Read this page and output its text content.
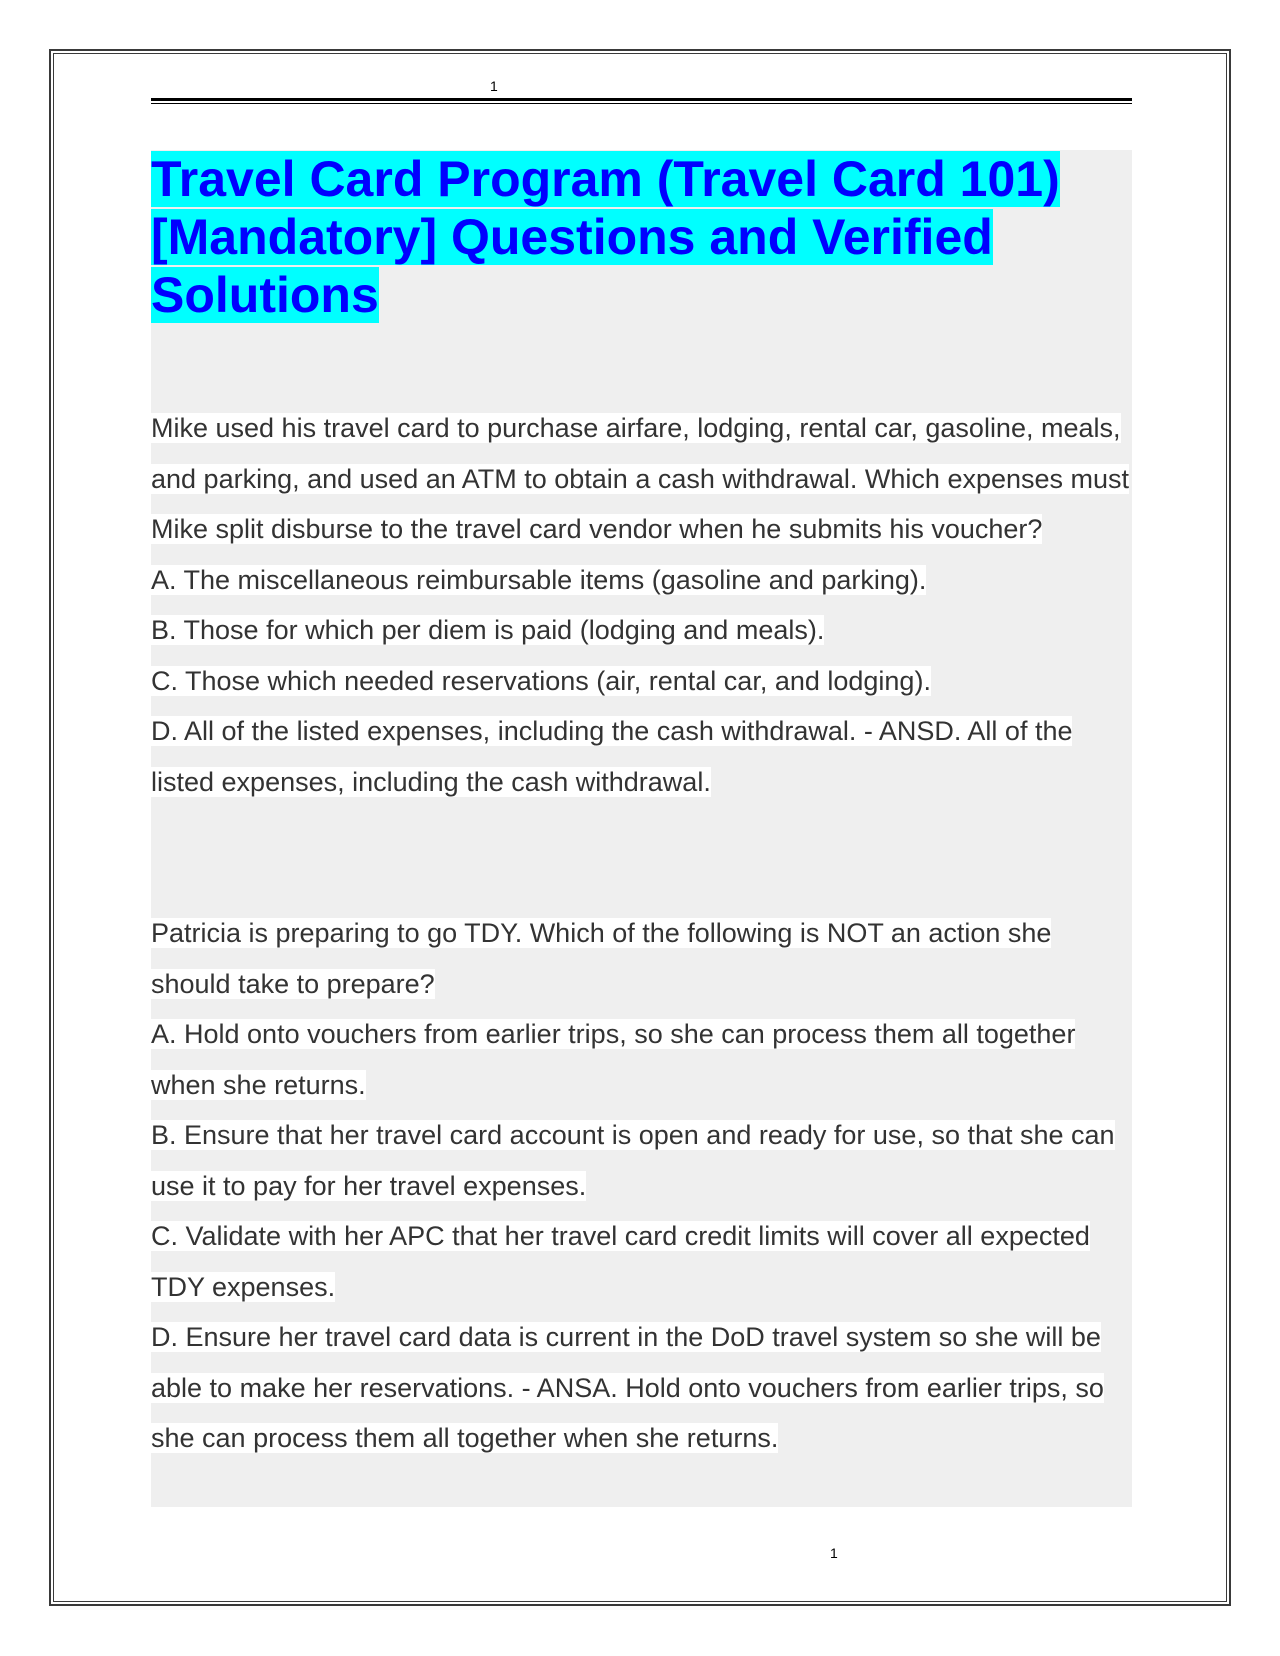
1
Travel Card Program (Travel Card 101) [Mandatory] Questions and Verified Solutions
Mike used his travel card to purchase airfare, lodging, rental car, gasoline, meals, and parking, and used an ATM to obtain a cash withdrawal. Which expenses must Mike split disburse to the travel card vendor when he submits his voucher?
A. The miscellaneous reimbursable items (gasoline and parking).
B. Those for which per diem is paid (lodging and meals).
C. Those which needed reservations (air, rental car, and lodging).
D. All of the listed expenses, including the cash withdrawal. - ANSD. All of the listed expenses, including the cash withdrawal.
Patricia is preparing to go TDY. Which of the following is NOT an action she should take to prepare?
A. Hold onto vouchers from earlier trips, so she can process them all together when she returns.
B. Ensure that her travel card account is open and ready for use, so that she can use it to pay for her travel expenses.
C. Validate with her APC that her travel card credit limits will cover all expected TDY expenses.
D. Ensure her travel card data is current in the DoD travel system so she will be able to make her reservations. - ANSA. Hold onto vouchers from earlier trips, so she can process them all together when she returns.
1
